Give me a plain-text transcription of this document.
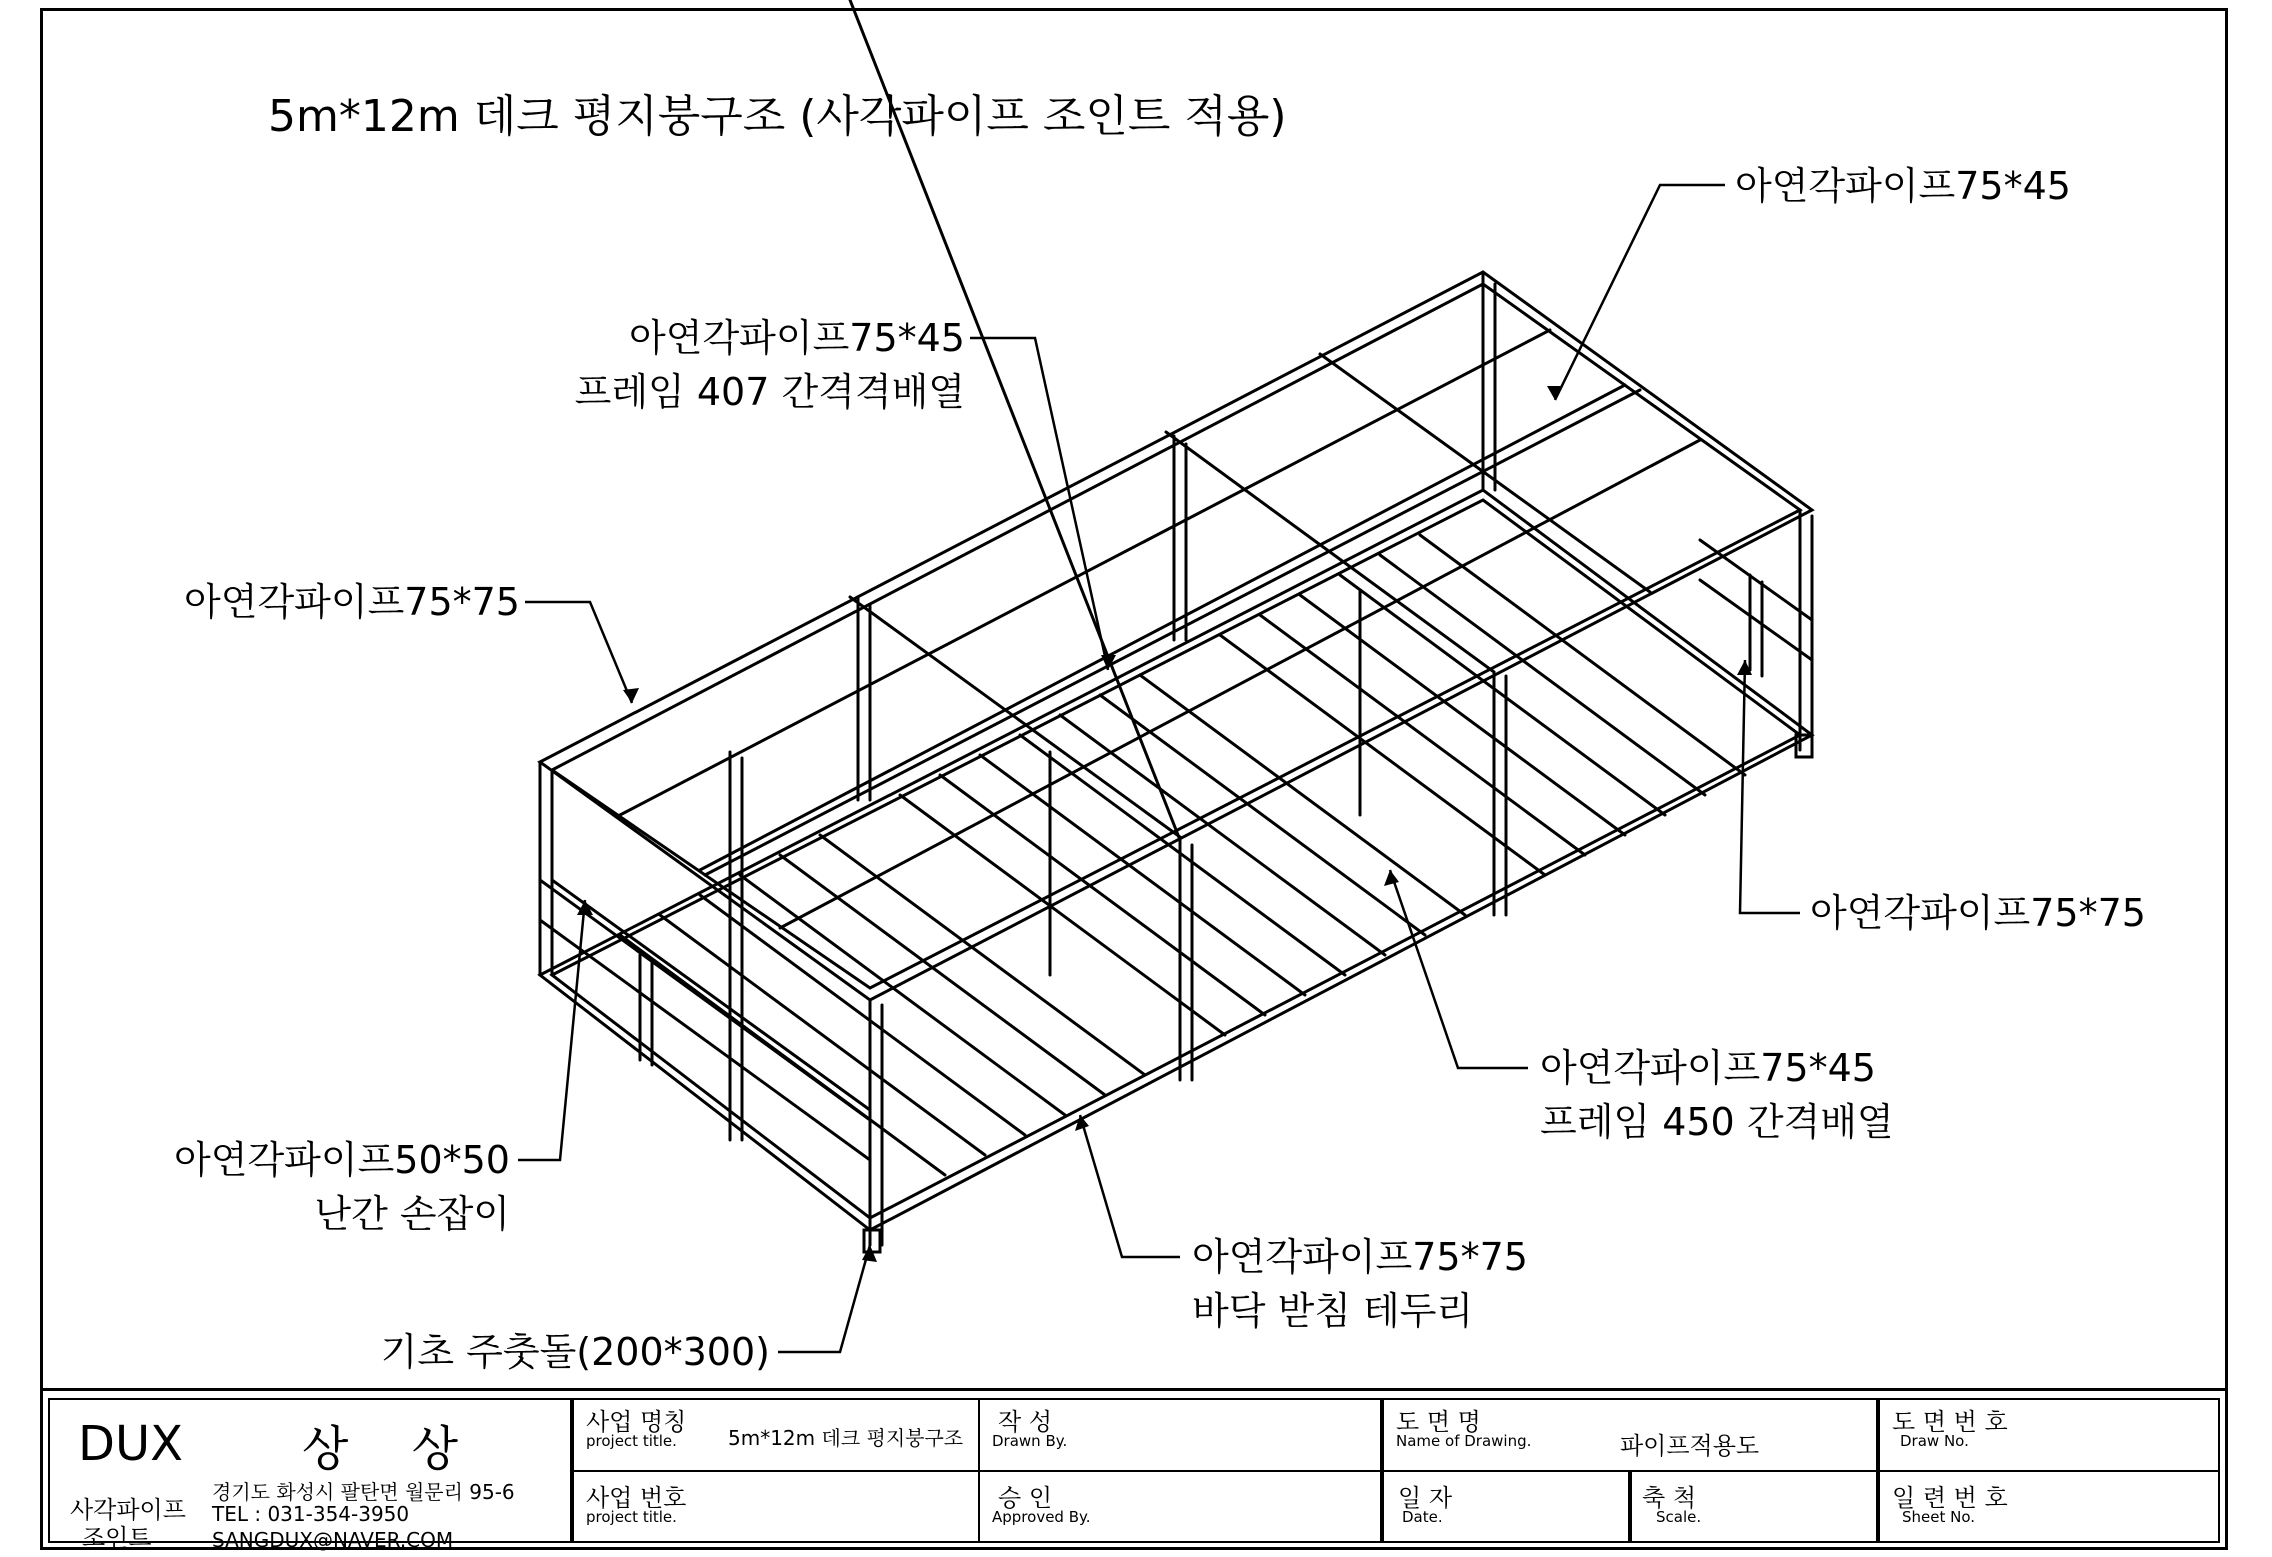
5m*12m 데크 평지붕구조 (사각파이프 조인트 적용)
아연각파이프75*45
아연각파이프75*45
프레임 407 간격격배열
아연각파이프75*75
아연각파이프75*75
아연각파이프75*45
프레임 450 간격배열
아연각파이프50*50
난간 손잡이
아연각파이프75*75
바닥 받침 테두리
기초 주춧돌(200*300)
DUX 상 상
사각파이프
조인트
경기도 화성시 팔탄면 월문리 95-6
TEL : 031-354-3950
SANGDUX@NAVER.COM
사업 명칭
project title.	5m*12m 데크 평지붕구조
사업 번호
project title.
작 성
Drawn By.
승 인
Approved By.
도 면 명
Name of Drawing.	파이프적용도
일 자
Date.
축 척
Scale.
도 면 번 호
Draw No.
일 련 번 호
Sheet No.
